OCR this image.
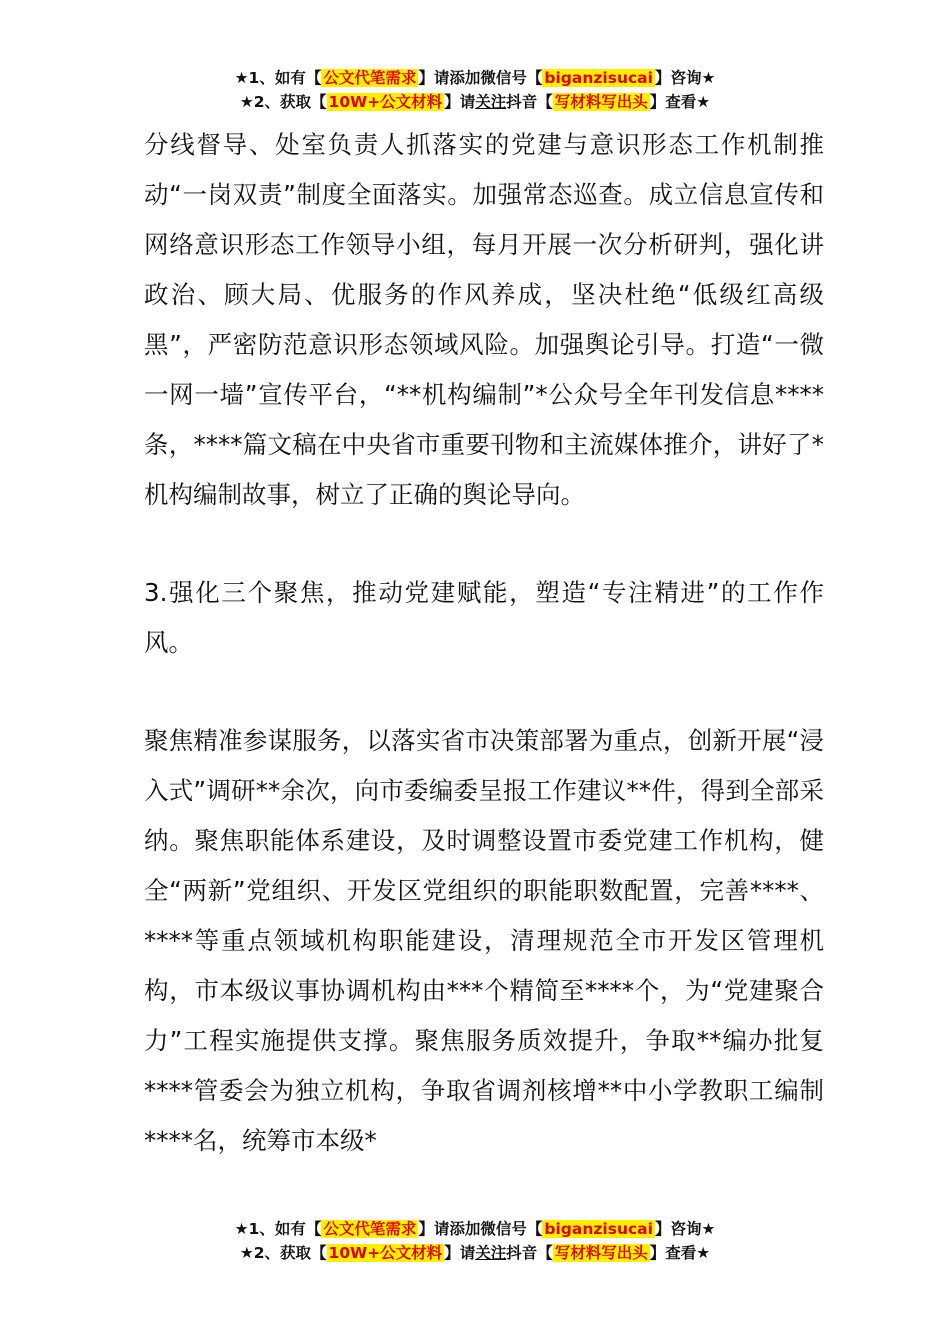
★1、如有【 公文代笔需求 】请添加微信号【 biganzisucai 】咨询★
★2、获取【 10W+公文材料 】请关注抖音【 写材料写出头 】查看★

分线督导、处室负责人抓落实的党建与意识形态工作机制推动“一岗双责”制度全面落实。加强常态巡查。成立信息宣传和网络意识形态工作领导小组，每月开展一次分析研判，强化讲政治、顾大局、优服务的作风养成，坚决杜绝“低级红高级黑”，严密防范意识形态领域风险。加强舆论引导。打造“一微一网一墙”宣传平台，“**机构编制”*公众号全年刊发信息****条，****篇文稿在中央省市重要刊物和主流媒体推介，讲好了*机构编制故事，树立了正确的舆论导向。

3.强化三个聚焦，推动党建赋能，塑造“专注精进”的工作作风。

聚焦精准参谋服务，以落实省市决策部署为重点，创新开展“浸入式”调研**余次，向市委编委呈报工作建议**件，得到全部采纳。聚焦职能体系建设，及时调整设置市委党建工作机构，健全“两新”党组织、开发区党组织的职能职数配置，完善****、****等重点领域机构职能建设，清理规范全市开发区管理机构，市本级议事协调机构由***个精简至****个，为“党建聚合力”工程实施提供支撑。聚焦服务质效提升，争取**编办批复****管委会为独立机构，争取省调剂核增**中小学教职工编制****名，统筹市本级*

★1、如有【 公文代笔需求 】请添加微信号【 biganzisucai 】咨询★
★2、获取【 10W+公文材料 】请关注抖音【 写材料写出头 】查看★
